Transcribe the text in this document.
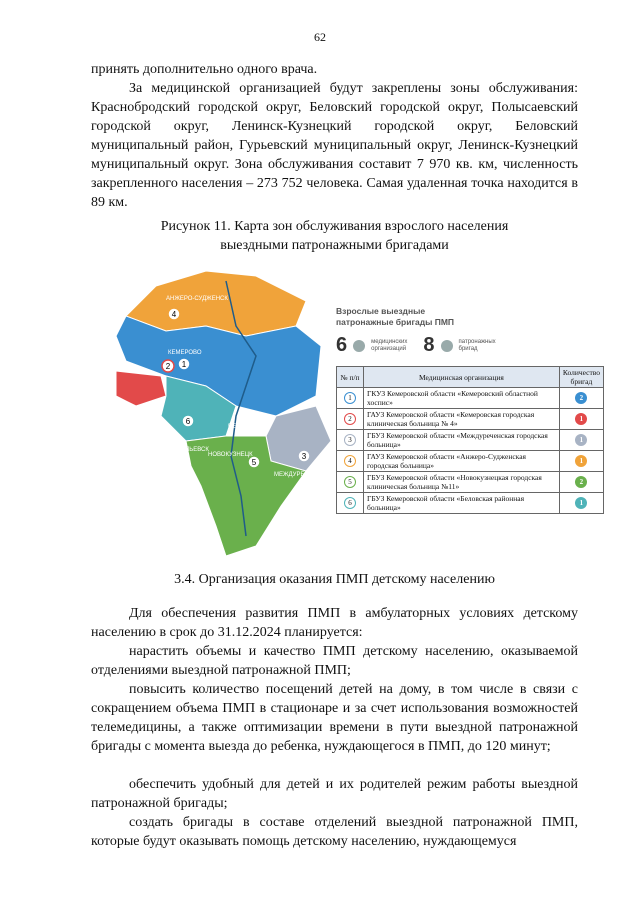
62

принять дополнительно одного врача.

За медицинской организацией будут закреплены зоны обслуживания: Краснобродский городской округ, Беловский городской округ, Полысаевский городской округ, Ленинск-Кузнецкий городской округ, Беловский муниципальный район, Гурьевский муниципальный округ, Ленинск-Кузнецкий муниципальный округ. Зона обслуживания составит 7 970 кв. км, численность закрепленного населения – 273 752 человека. Самая удаленная точка находится в 89 км.

Рисунок 11. Карта зон обслуживания взрослого населения
выездными патронажными бригадами
4
2 1
6
5
3
АНЖЕРО-СУДЖЕНСК
КЕМЕРОВО
БЕЛОВО
ПРОКОПЬЕВСК
НОВОКУЗНЕЦК
МЕЖДУРЕЧЕНСК
Взрослые выездные
патронажные бригады ПМП
6	медицинских
организаций 8	патронажных
бригад
№ п/п	Медицинская организация	Количество бригад
1	ГКУЗ Кемеровской области «Кемеровский областной хоспис»	2
2	ГАУЗ Кемеровской области «Кемеровская городская клиническая больница № 4»	1
3	ГБУЗ Кемеровской области «Междуреченская городская больница»	1
4	ГАУЗ Кемеровской области «Анжеро-Судженская городская больница»	1
5	ГБУЗ Кемеровской области «Новокузнецкая городская клиническая больница №11»	2
6	ГБУЗ Кемеровской области «Беловская районная больница»	1
3.4. Организация оказания ПМП детскому населению

Для обеспечения развития ПМП в амбулаторных условиях детскому населению в срок до 31.12.2024 планируется:

нарастить объемы и качество ПМП детскому населению, оказываемой отделениями выездной патронажной ПМП;

повысить количество посещений детей на дому, в том числе в связи с сокращением объема ПМП в стационаре и за счет использования возможностей телемедицины, а также оптимизации времени в пути выездной патронажной бригады с момента выезда до ребенка, нуждающегося в ПМП, до 120 минут;

обеспечить удобный для детей и их родителей режим работы выездной патронажной бригады;

создать бригады в составе отделений выездной патронажной ПМП, которые будут оказывать помощь детскому населению, нуждающемуся
